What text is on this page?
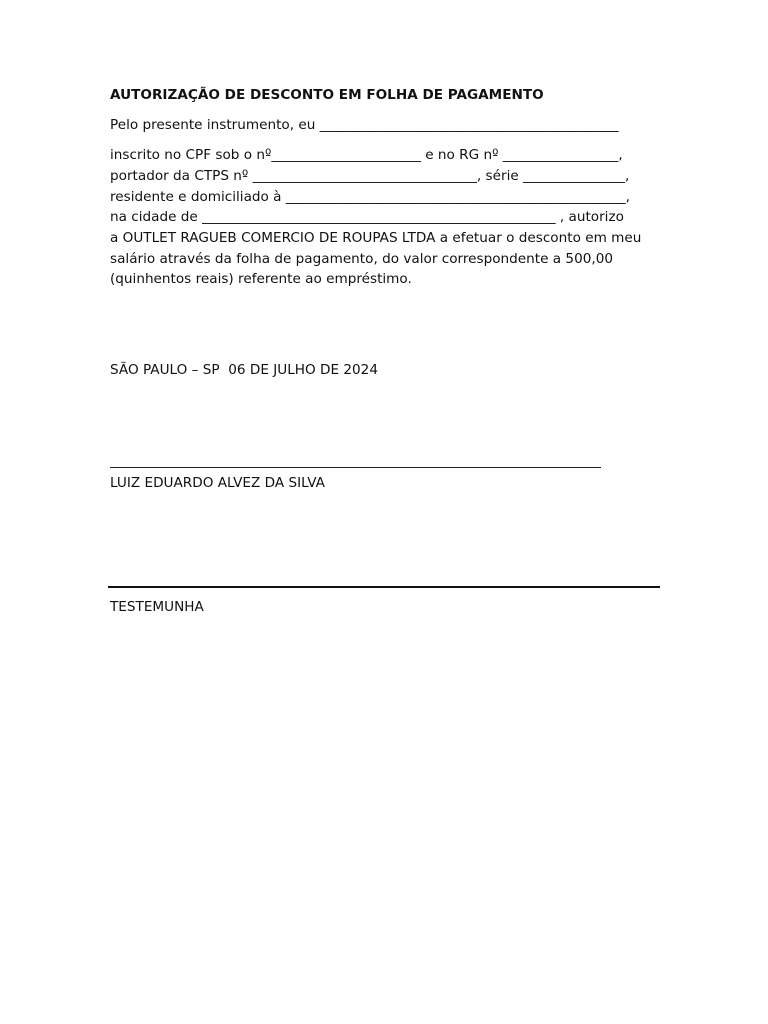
AUTORIZAÇÃO DE DESCONTO EM FOLHA DE PAGAMENTO
Pelo presente instrumento, eu ____________________________________________
inscrito no CPF sob o nº______________________ e no RG nº _________________,
portador da CTPS nº _________________________________, série _______________,
residente e domiciliado à __________________________________________________,
na cidade de ____________________________________________________ , autorizo
a OUTLET RAGUEB COMERCIO DE ROUPAS LTDA a efetuar o desconto em meu
salário através da folha de pagamento, do valor correspondente a 500,00
(quinhentos reais) referente ao empréstimo.
SÃO PAULO – SP  06 DE JULHO DE 2024
LUIZ EDUARDO ALVEZ DA SILVA
TESTEMUNHA
